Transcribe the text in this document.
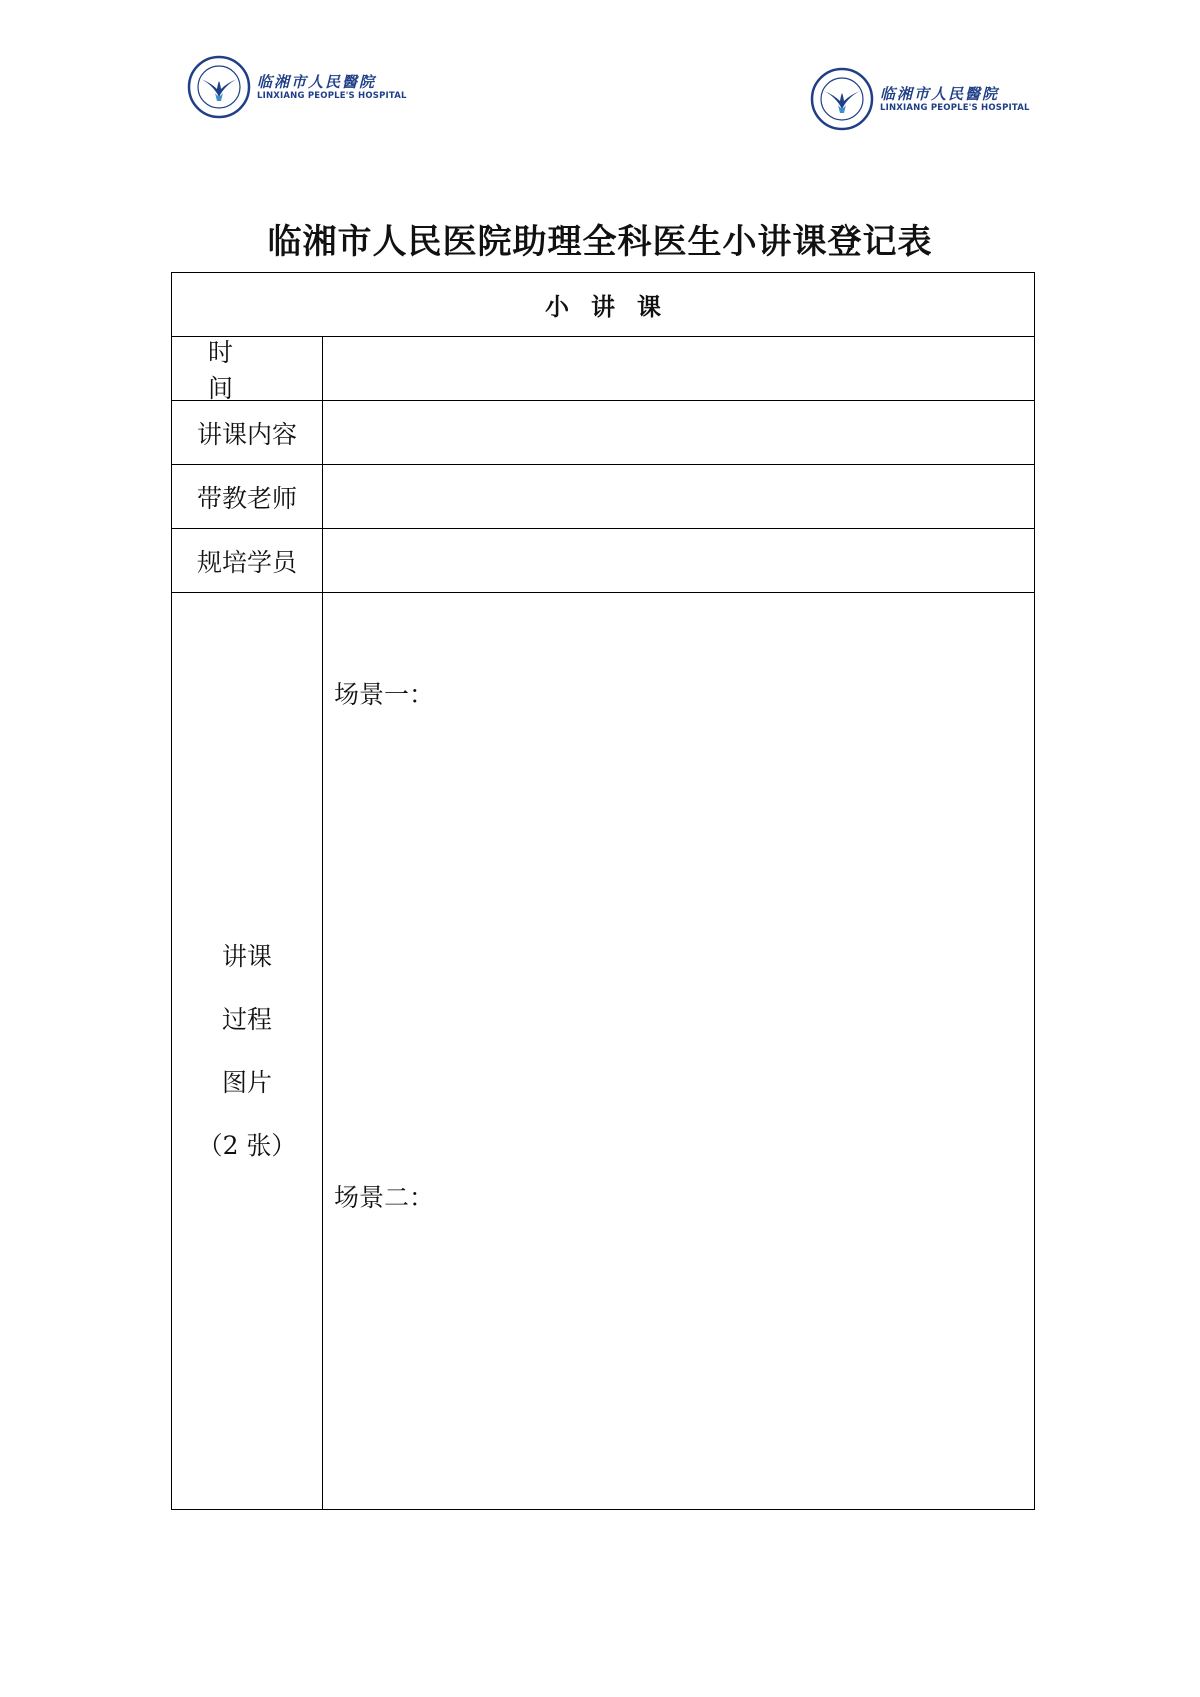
临湘市人民醫院
LINXIANG PEOPLE'S HOSPITAL	临湘市人民醫院
LINXIANG PEOPLE'S HOSPITAL
临湘市人民医院助理全科医生小讲课登记表
小讲课
时间
讲课内容
带教老师
规培学员
讲课
过程
图片
（2 张）
场景一：
场景二：
